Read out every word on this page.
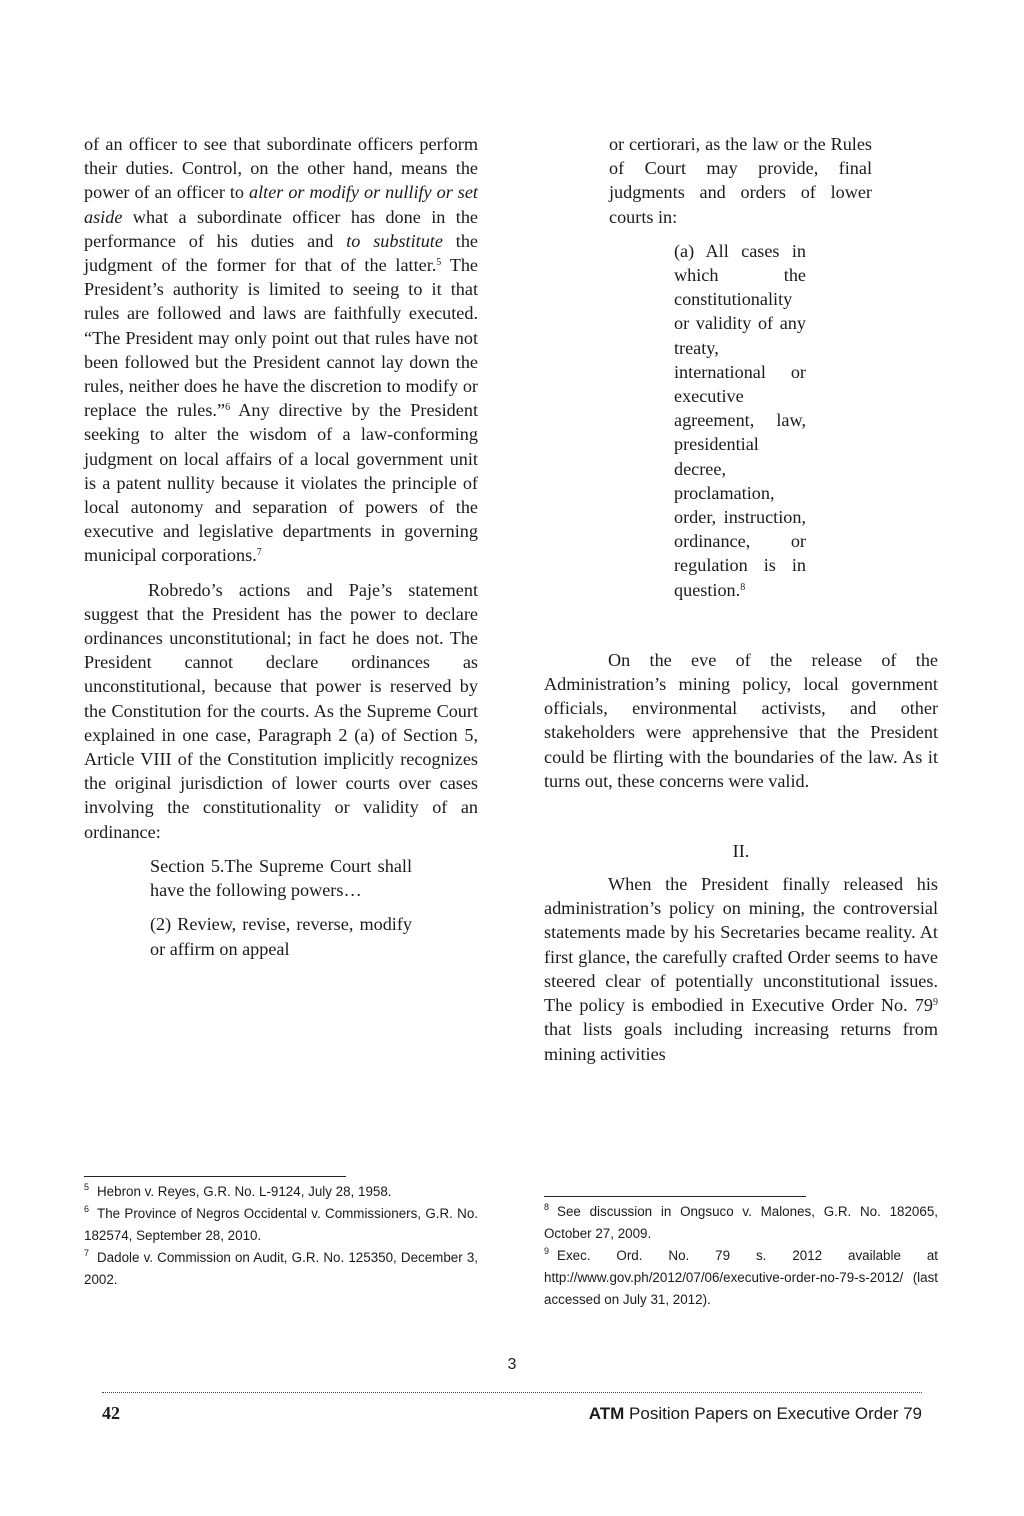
of an officer to see that subordinate officers perform their duties. Control, on the other hand, means the power of an officer to alter or modify or nullify or set aside what a subordinate officer has done in the performance of his duties and to substitute the judgment of the former for that of the latter.$^5$ The President’s authority is limited to seeing to it that rules are followed and laws are faithfully executed. “The President may only point out that rules have not been followed but the President cannot lay down the rules, neither does he have the discretion to modify or replace the rules.”$^6$ Any directive by the President seeking to alter the wisdom of a law-conforming judgment on local affairs of a local government unit is a patent nullity because it violates the principle of local autonomy and separation of powers of the executive and legislative departments in governing municipal corporations.$^7$

Robredo’s actions and Paje’s statement suggest that the President has the power to declare ordinances unconstitutional; in fact he does not. The President cannot declare ordinances as unconstitutional, because that power is reserved by the Constitution for the courts. As the Supreme Court explained in one case, Paragraph 2 (a) of Section 5, Article VIII of the Constitution implicitly recognizes the original jurisdiction of lower courts over cases involving the constitutionality or validity of an ordinance:

Section 5.The Supreme Court shall have the following powers…

(2) Review, revise, reverse, modify or affirm on appeal

or certiorari, as the law or the Rules of Court may provide, final judgments and orders of lower courts in:

(a) All cases in which the constitutionality or validity of any treaty, international or executive agreement, law, presidential decree, proclamation, order, instruction, ordinance, or regulation is in question.$^8$

On the eve of the release of the Administration’s mining policy, local government officials, environmental activists, and other stakeholders were apprehensive that the President could be flirting with the boundaries of the law. As it turns out, these concerns were valid.

II.

When the President finally released his administration’s policy on mining, the controversial statements made by his Secretaries became reality. At first glance, the carefully crafted Order seems to have steered clear of potentially unconstitutional issues. The policy is embodied in Executive Order No. $79^9$ that lists goals including increasing returns from mining activities

$^5$ Hebron v. Reyes, G.R. No. L-9124, July 28, 1958.

$^6$ The Province of Negros Occidental v. Commissioners, G.R. No. 182574, September 28, 2010.

$^7$ Dadole v. Commission on Audit, G.R. No. 125350, December 3, 2002.

$^8$ See discussion in Ongsuco v. Malones, G.R. No. 182065, October 27, 2009.

$^9$ Exec. Ord. No. 79 s. 2012 available at http://www.gov.ph/2012/07/06/executive-order-no-79-s-2012/ (last accessed on July 31, 2012).

3
42	ATM Position Papers on Executive Order 79
